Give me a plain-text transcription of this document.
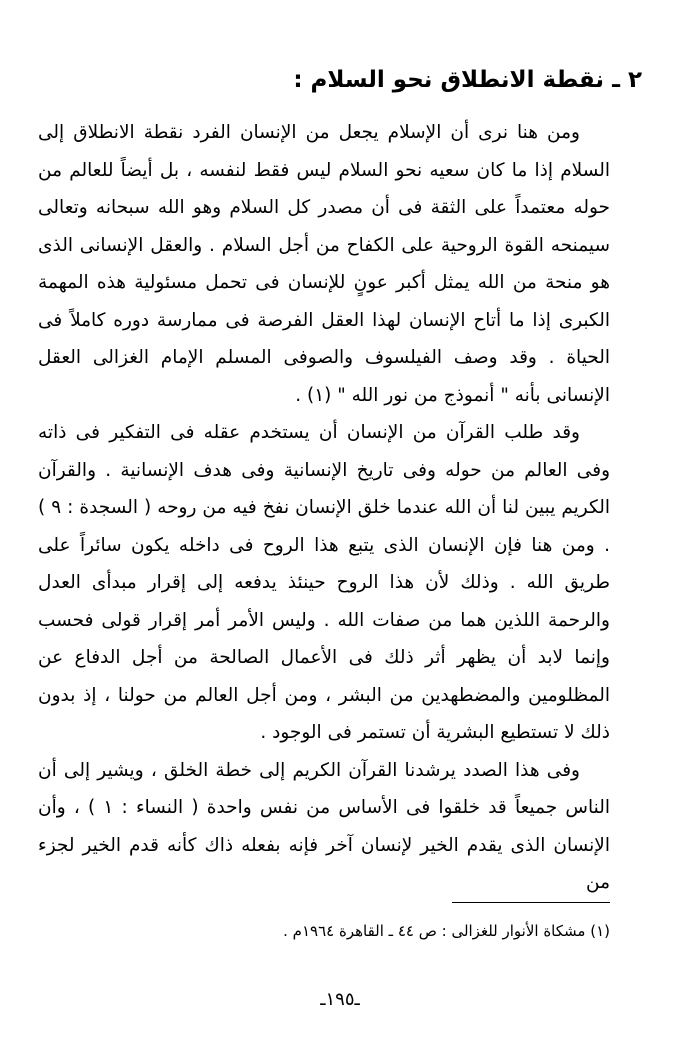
٢ ـ نقطة الانطلاق نحو السلام :

ومن هنا نرى أن الإسلام يجعل من الإنسان الفرد نقطة الانطلاق إلى السلام إذا ما كان سعيه نحو السلام ليس فقط لنفسه ، بل أيضاً للعالم من حوله معتمداً على الثقة فى أن مصدر كل السلام وهو الله سبحانه وتعالى سيمنحه القوة الروحية على الكفاح من أجل السلام . والعقل الإنسانى الذى هو منحة من الله يمثل أكبر عونٍ للإنسان فى تحمل مسئولية هذه المهمة الكبرى إذا ما أتاح الإنسان لهذا العقل الفرصة فى ممارسة دوره كاملاً فى الحياة . وقد وصف الفيلسوف والصوفى المسلم الإمام الغزالى العقل الإنسانى بأنه " أنموذج من نور الله " (١) .

وقد طلب القرآن من الإنسان أن يستخدم عقله فى التفكير فى ذاته وفى العالم من حوله وفى تاريخ الإنسانية وفى هدف الإنسانية . والقرآن الكريم يبين لنا أن الله عندما خلق الإنسان نفخ فيه من روحه ( السجدة : ٩ ) . ومن هنا فإن الإنسان الذى يتبع هذا الروح فى داخله يكون سائراً على طريق الله . وذلك لأن هذا الروح حينئذ يدفعه إلى إقرار مبدأى العدل والرحمة اللذين هما من صفات الله . وليس الأمر أمر إقرار قولى فحسب وإنما لابد أن يظهر أثر ذلك فى الأعمال الصالحة من أجل الدفاع عن المظلومين والمضطهدين من البشر ، ومن أجل العالم من حولنا ، إذ بدون ذلك لا تستطيع البشرية أن تستمر فى الوجود .

وفى هذا الصدد يرشدنا القرآن الكريم إلى خطة الخلق ، ويشير إلى أن الناس جميعاً قد خلقوا فى الأساس من نفس واحدة ( النساء : ١ ) ، وأن الإنسان الذى يقدم الخير لإنسان آخر فإنه بفعله ذاك كأنه قدم الخير لجزء من

(١) مشكاة الأنوار للغزالى : ص ٤٤ ـ القاهرة ١٩٦٤م .
ـ١٩٥ـ
